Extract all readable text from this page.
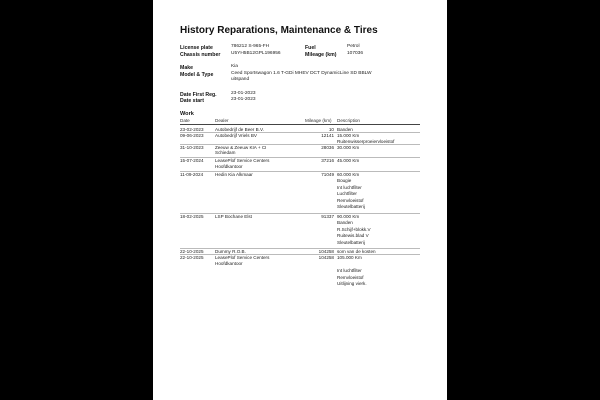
History Reparations, Maintenance & Tires
License plate	786212 S-965-FH	Fuel	Petrol
Chassis number U5YH5B12GPL196956	Mileage (km) 107036
Make	Kia
Model & Type	Ceed Sportswagon 1.6 T-GDi MHEV DCT DynamicLine SD BBLW
uitspand
Date First Reg.	23-01-2023
Date start	23-01-2023
Work
Date	Dealer	Mileage (km) Description
23-02-2023	Autobedrijf de Beer B.V.	10 Banden
09-06-2023	Autobedrijf Vriels BV	12141 15.000 Km
Ruitenwisserproeiervloeistof
31-10-2023	Zeeuw & Zeeuw KIA + CI
Schiedam
28036 30.000 Km
15-07-2024	LeasePlof Service Centers
Hoofdkantoor
37216 45.000 Km
11-09-2024	Hedin Kia Alkmaar	71049 60.000 Km
Bougie
Int luchtfilter
Luchtfilter
Remvloeistof
Sleutelbatterij
18-02-2025	LSP Bochane Elst	91337 90.000 Km
Banden
R.Schijf+blokk.V
Ruitewis.blad V
Sleutelbatterij
22-10-2025	Dummy R.O.B.	104258 som van de kosten
22-10-2025	LeasePlof Service Centers
Hoofdkantoor
104258 105.000 Km

Int luchtfilter
Remvloeistof
Uitlijning vierk.
